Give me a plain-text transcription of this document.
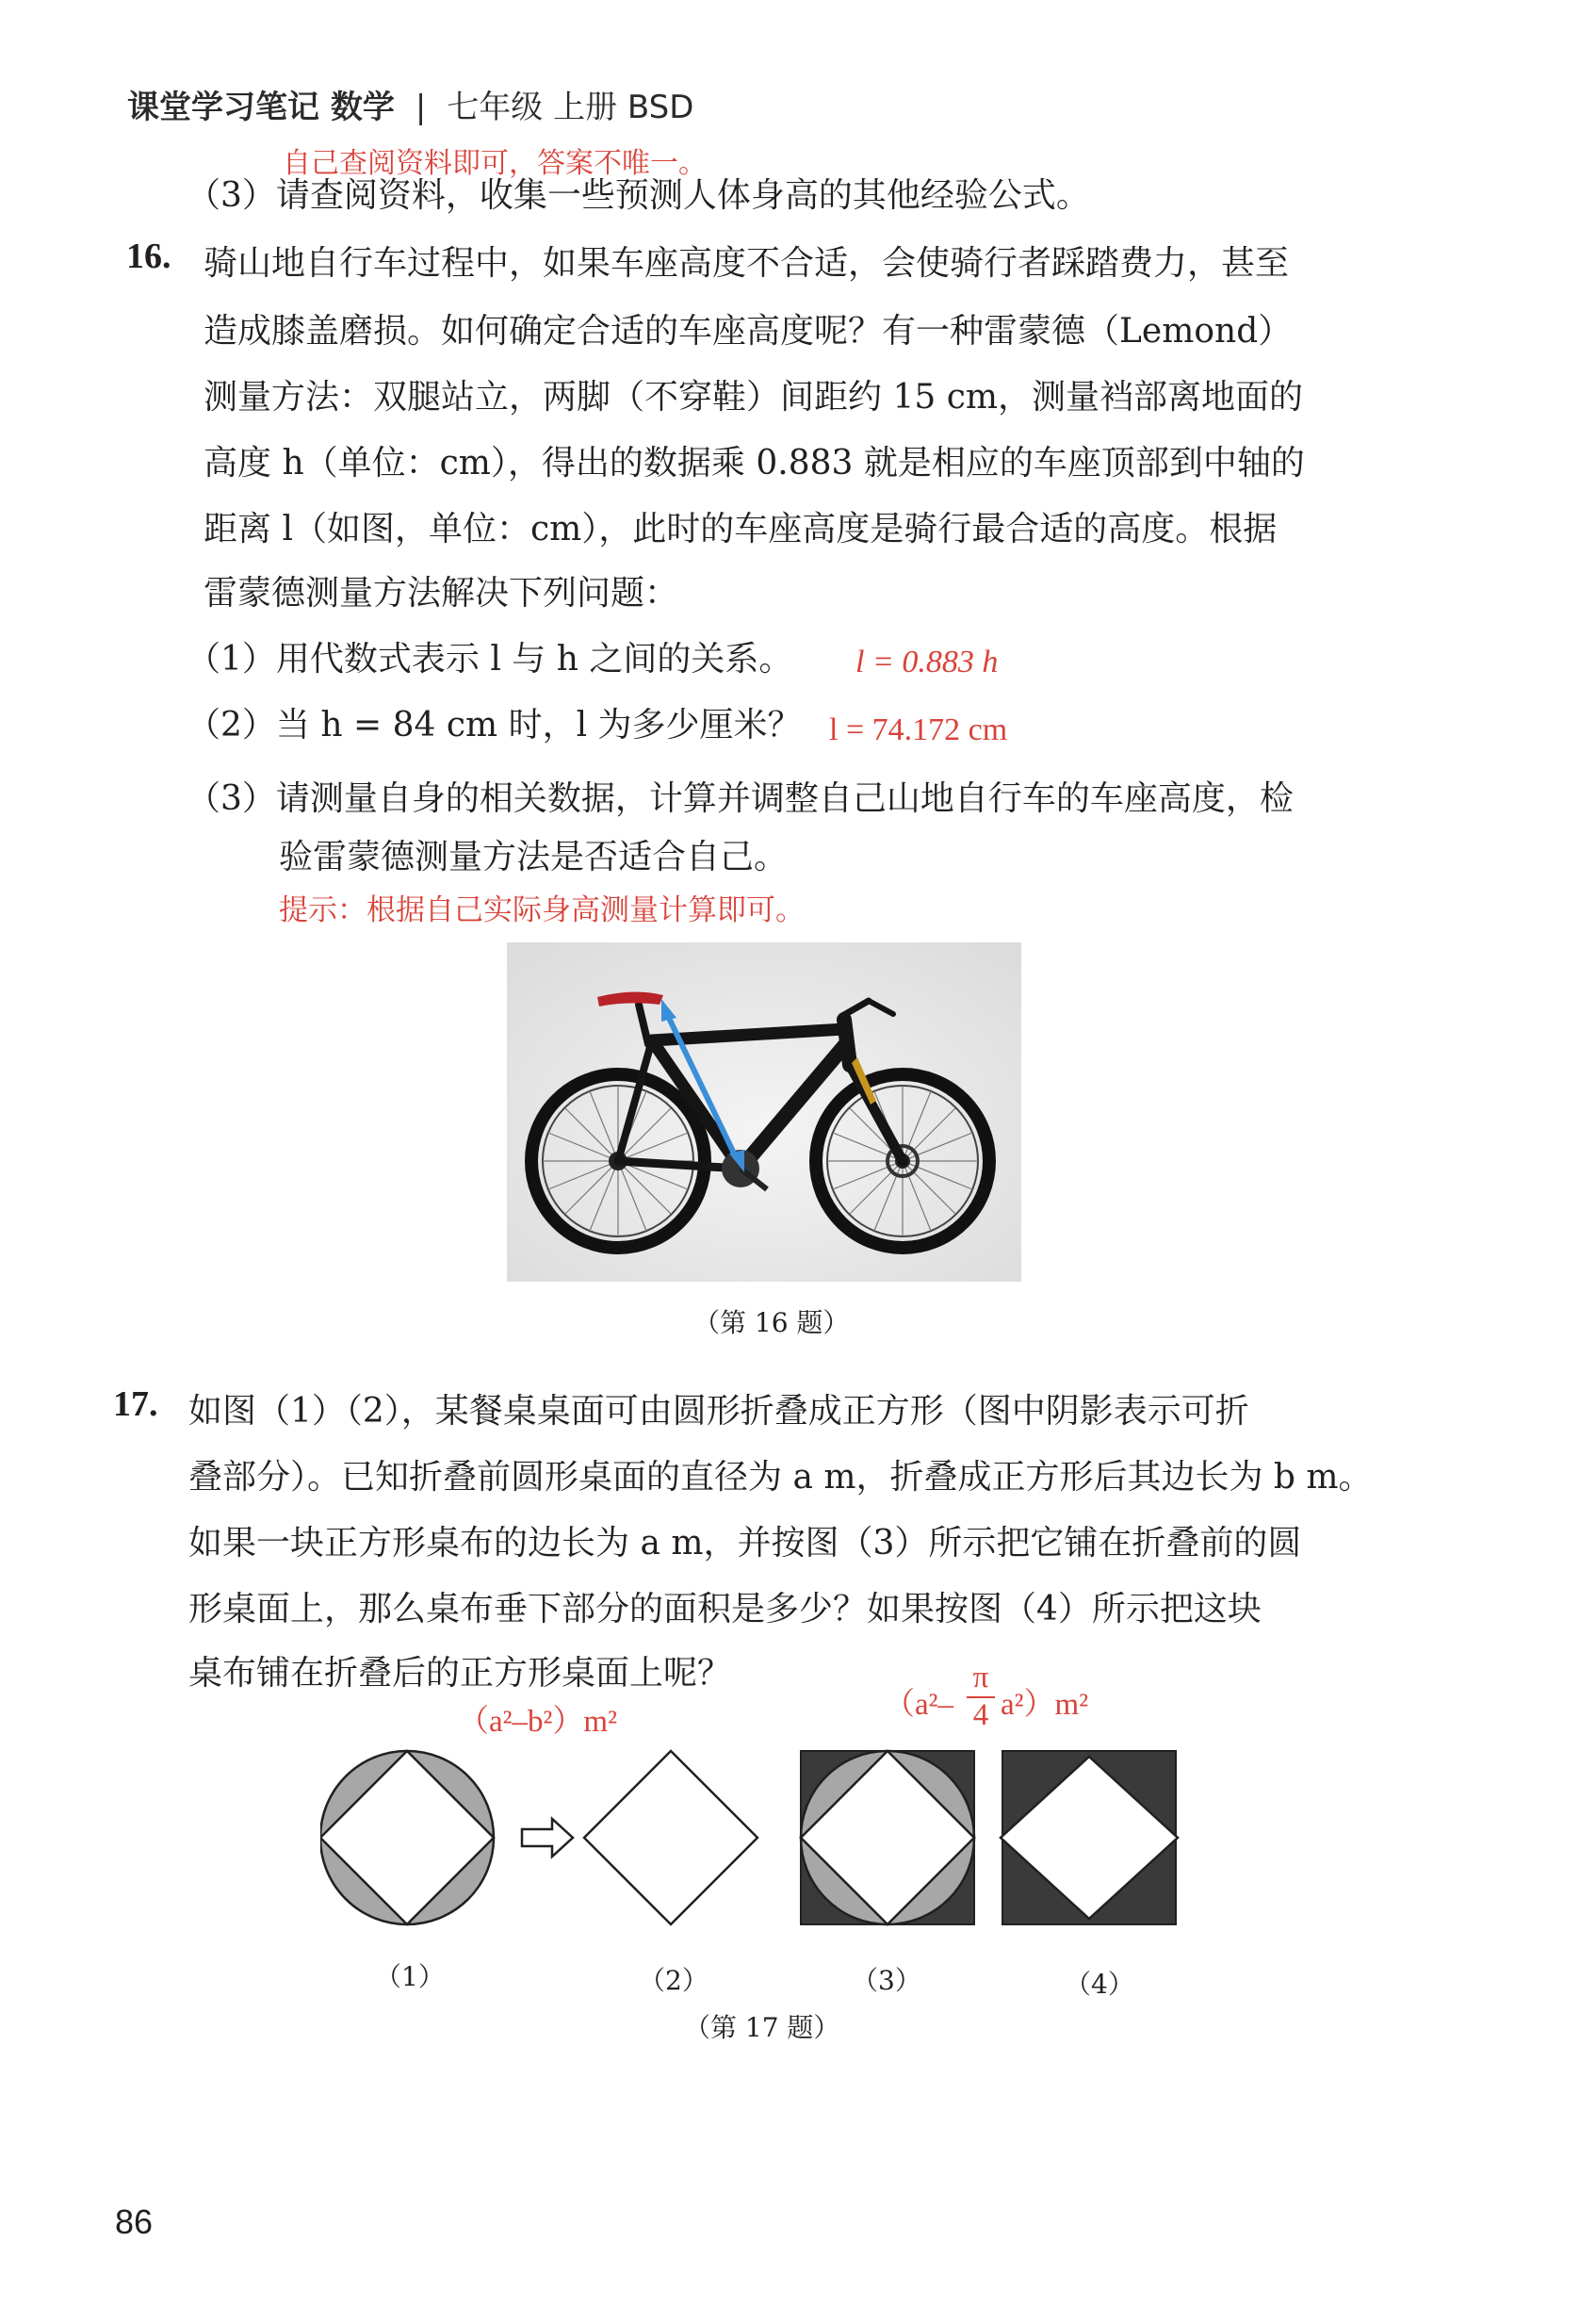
课堂学习笔记 数学 | 七年级 上册 BSD
自己查阅资料即可，答案不唯一。
（3）请查阅资料，收集一些预测人体身高的其他经验公式。
16. 骑山地自行车过程中，如果车座高度不合适，会使骑行者踩踏费力，甚至
造成膝盖磨损。如何确定合适的车座高度呢？有一种雷蒙德（Lemond）
测量方法：双腿站立，两脚（不穿鞋）间距约 15 cm，测量裆部离地面的
高度 h（单位：cm），得出的数据乘 0.883 就是相应的车座顶部到中轴的
距离 l（如图，单位：cm），此时的车座高度是骑行最合适的高度。根据
雷蒙德测量方法解决下列问题：
（1）用代数式表示 l 与 h 之间的关系。 l = 0.883 h
（2）当 h = 84 cm 时，l 为多少厘米？ l = 74.172 cm
（3）请测量自身的相关数据，计算并调整自己山地自行车的车座高度，检
验雷蒙德测量方法是否适合自己。
提示：根据自己实际身高测量计算即可。
（第 16 题）
17. 如图（1）（2），某餐桌桌面可由圆形折叠成正方形（图中阴影表示可折
叠部分）。已知折叠前圆形桌面的直径为 a m，折叠成正方形后其边长为 b m。
如果一块正方形桌布的边长为 a m，并按图（3）所示把它铺在折叠前的圆
形桌面上，那么桌布垂下部分的面积是多少？如果按图（4）所示把这块
桌布铺在折叠后的正方形桌面上呢？
（a²–b²）m²	（a²–
π
4 a²）m²
（1）	（2）	（3）	（4）
（第 17 题）
86
